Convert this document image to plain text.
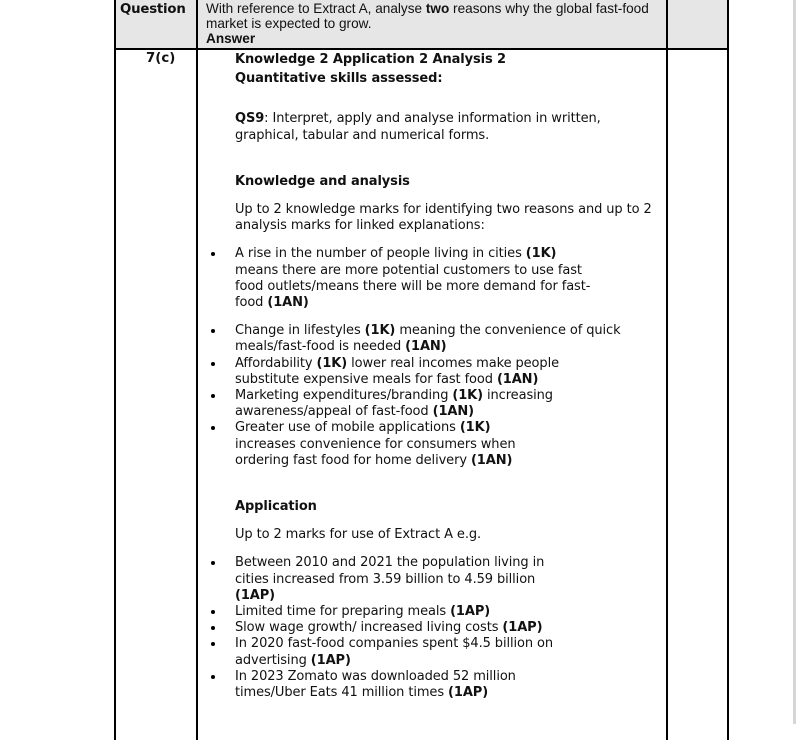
Question With reference to Extract A, analyse two reasons why the global fast-food market is expected to grow.
Answer
7(c)	Knowledge 2 Application 2 Analysis 2

Quantitative skills assessed:

QS9: Interpret, apply and analyse information in written, graphical, tabular and numerical forms.

Knowledge and analysis

Up to 2 knowledge marks for identifying two reasons and up to 2 analysis marks for linked explanations:

A rise in the number of people living in cities (1K) means there are more potential customers to use fast food outlets/means there will be more demand for fast-food (1AN)
Change in lifestyles (1K) meaning the convenience of quick meals/fast-food is needed (1AN)
Affordability (1K) lower real incomes make people substitute expensive meals for fast food (1AN)
Marketing expenditures/branding (1K) increasing awareness/appeal of fast-food (1AN)
Greater use of mobile applications (1K) increases convenience for consumers when ordering fast food for home delivery (1AN)

Application

Up to 2 marks for use of Extract A e.g.

Between 2010 and 2021 the population living in cities increased from 3.59 billion to 4.59 billion (1AP)
Limited time for preparing meals (1AP)
Slow wage growth/ increased living costs (1AP)
In 2020 fast-food companies spent $4.5 billion on advertising (1AP)
In 2023 Zomato was downloaded 52 million times/Uber Eats 41 million times (1AP)
